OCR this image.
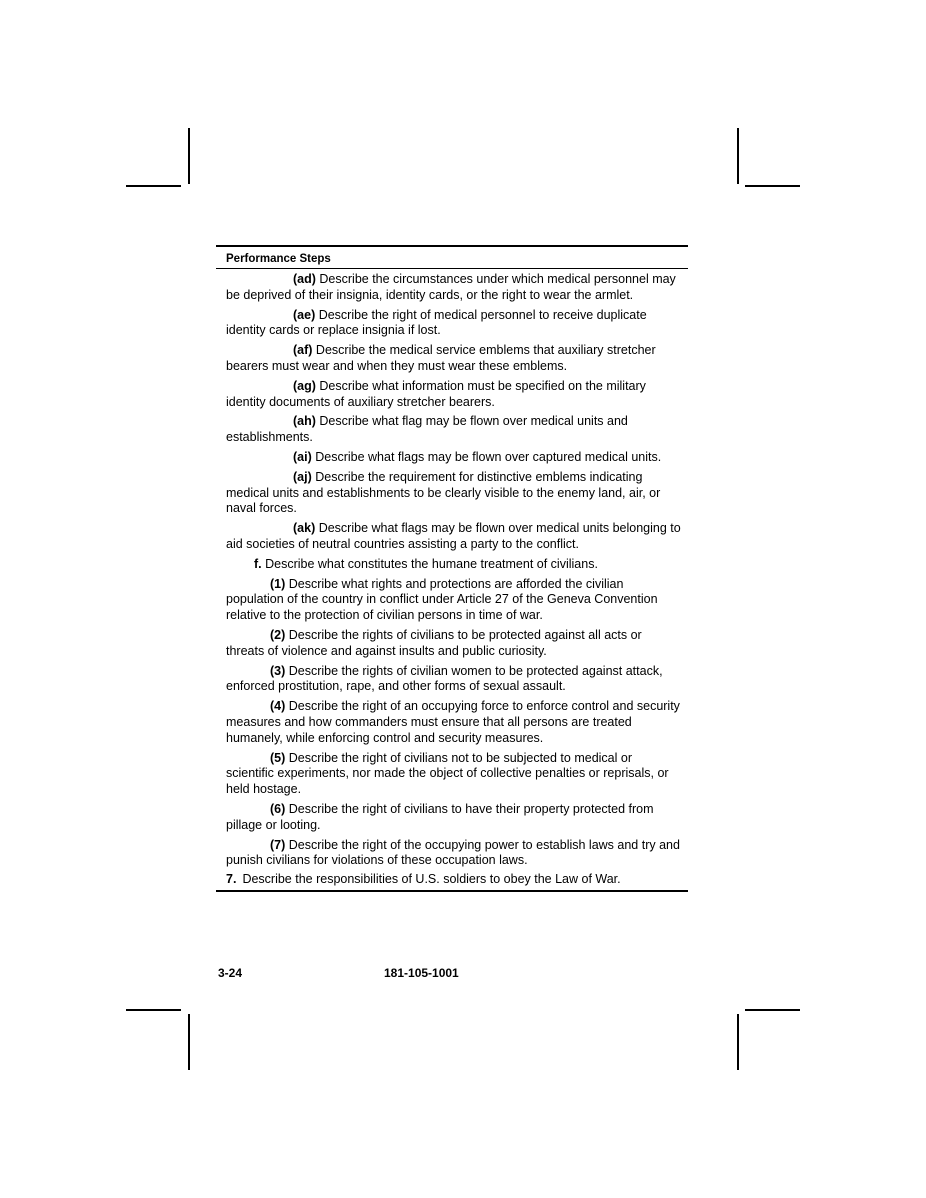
Performance Steps

(ad) Describe the circumstances under which medical personnel may be deprived of their insignia, identity cards, or the right to wear the armlet.

(ae) Describe the right of medical personnel to receive duplicate identity cards or replace insignia if lost.

(af) Describe the medical service emblems that auxiliary stretcher bearers must wear and when they must wear these emblems.

(ag) Describe what information must be specified on the military identity documents of auxiliary stretcher bearers.

(ah) Describe what flag may be flown over medical units and establishments.

(ai) Describe what flags may be flown over captured medical units.

(aj) Describe the requirement for distinctive emblems indicating medical units and establishments to be clearly visible to the enemy land, air, or naval forces.

(ak) Describe what flags may be flown over medical units belonging to aid societies of neutral countries assisting a party to the conflict.

f. Describe what constitutes the humane treatment of civilians.

(1) Describe what rights and protections are afforded the civilian population of the country in conflict under Article 27 of the Geneva Convention relative to the protection of civilian persons in time of war.

(2) Describe the rights of civilians to be protected against all acts or threats of violence and against insults and public curiosity.

(3) Describe the rights of civilian women to be protected against attack, enforced prostitution, rape, and other forms of sexual assault.

(4) Describe the right of an occupying force to enforce control and security measures and how commanders must ensure that all persons are treated humanely, while enforcing control and security measures.

(5) Describe the right of civilians not to be subjected to medical or scientific experiments, nor made the object of collective penalties or reprisals, or held hostage.

(6) Describe the right of civilians to have their property protected from pillage or looting.

(7) Describe the right of the occupying power to establish laws and try and punish civilians for violations of these occupation laws.

7. Describe the responsibilities of U.S. soldiers to obey the Law of War.
3-24	181-105-1001
